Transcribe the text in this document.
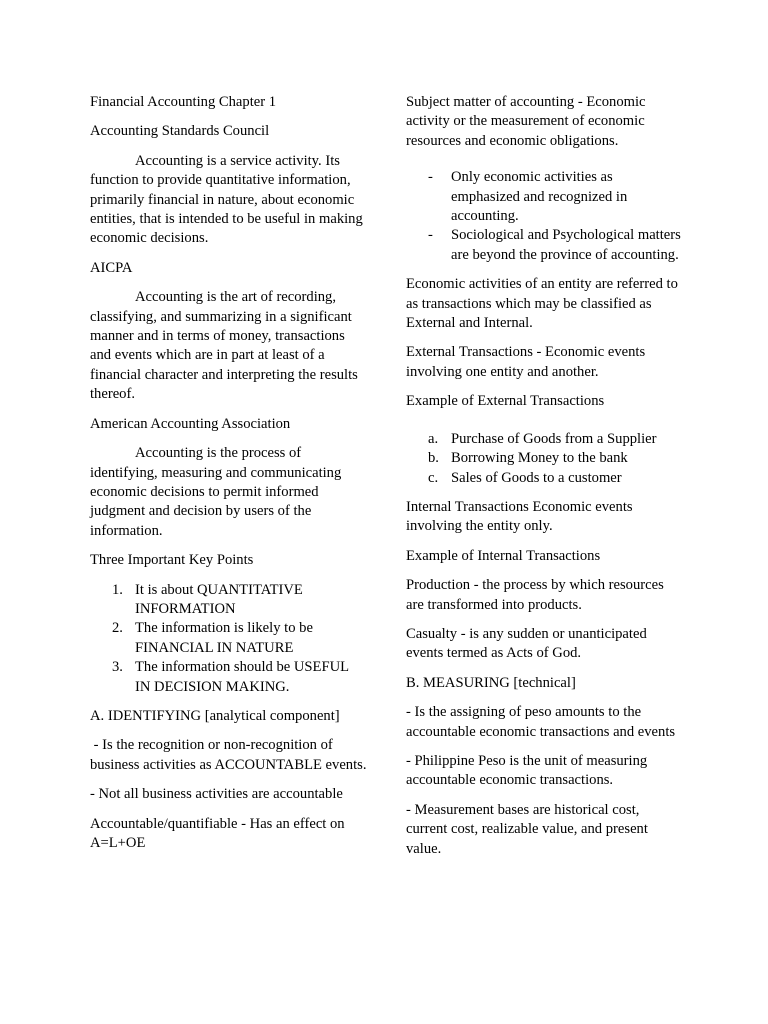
Financial Accounting Chapter 1

Accounting Standards Council

Accounting is a service activity. Its function to provide quantitative information, primarily financial in nature, about economic entities, that is intended to be useful in making economic decisions.

AICPA

Accounting is the art of recording, classifying, and summarizing in a significant manner and in terms of money, transactions and events which are in part at least of a financial character and interpreting the results thereof.

American Accounting Association

Accounting is the process of identifying, measuring and communicating economic decisions to permit informed judgment and decision by users of the information.

Three Important Key Points

1. It is about QUANTITATIVE INFORMATION
2. The information is likely to be FINANCIAL IN NATURE
3. The information should be USEFUL IN DECISION MAKING.

A. IDENTIFYING [analytical component]

- Is the recognition or non-recognition of business activities as ACCOUNTABLE events.

- Not all business activities are accountable

Accountable/quantifiable - Has an effect on A=L+OE

Subject matter of accounting - Economic activity or the measurement of economic resources and economic obligations.

- Only economic activities as emphasized and recognized in accounting.
- Sociological and Psychological matters are beyond the province of accounting.

Economic activities of an entity are referred to as transactions which may be classified as External and Internal.

External Transactions - Economic events involving one entity and another.

Example of External Transactions

a. Purchase of Goods from a Supplier
b. Borrowing Money to the bank
c. Sales of Goods to a customer

Internal Transactions Economic events involving the entity only.

Example of Internal Transactions

Production - the process by which resources are transformed into products.

Casualty - is any sudden or unanticipated events termed as Acts of God.

B. MEASURING [technical]

- Is the assigning of peso amounts to the accountable economic transactions and events

- Philippine Peso is the unit of measuring accountable economic transactions.

- Measurement bases are historical cost, current cost, realizable value, and present value.
